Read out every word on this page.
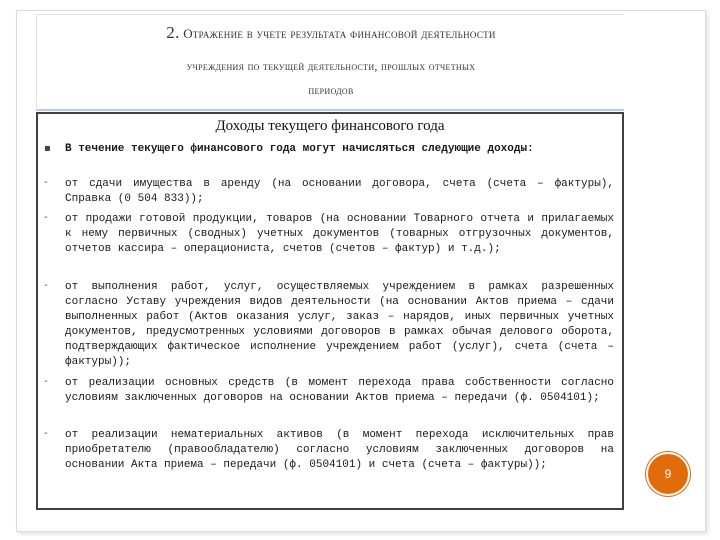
2. Отражение в учете результата финансовой деятельности
учреждения по текущей деятельности, прошлых отчетных
периодов
Доходы текущего финансового года
▪ В течение текущего финансового года могут начисляться следующие доходы:
- от сдачи имущества в аренду (на основании договора, счета (счета – фактуры), Справка (0 504 833));
- от продажи готовой продукции, товаров (на основании Товарного отчета и прилагаемых к нему первичных (сводных) учетных документов (товарных отгрузочных документов, отчетов кассира – операциониста, счетов (счетов – фактур) и т.д.);
- от выполнения работ, услуг, осуществляемых учреждением в рамках разрешенных согласно Уставу учреждения видов деятельности (на основании Актов приема – сдачи выполненных работ (Актов оказания услуг, заказ – нарядов, иных первичных учетных документов, предусмотренных условиями договоров в рамках обычая делового оборота, подтверждающих фактическое исполнение учреждением работ (услуг), счета (счета – фактуры));
- от реализации основных средств (в момент перехода права собственности согласно условиям заключенных договоров на основании Актов приема – передачи (ф. 0504101);
- от реализации нематериальных активов (в момент перехода исключительных прав приобретателю (правообладателю) согласно условиям заключенных договоров на основании Акта приема – передачи (ф. 0504101) и счета (счета – фактуры));
9
